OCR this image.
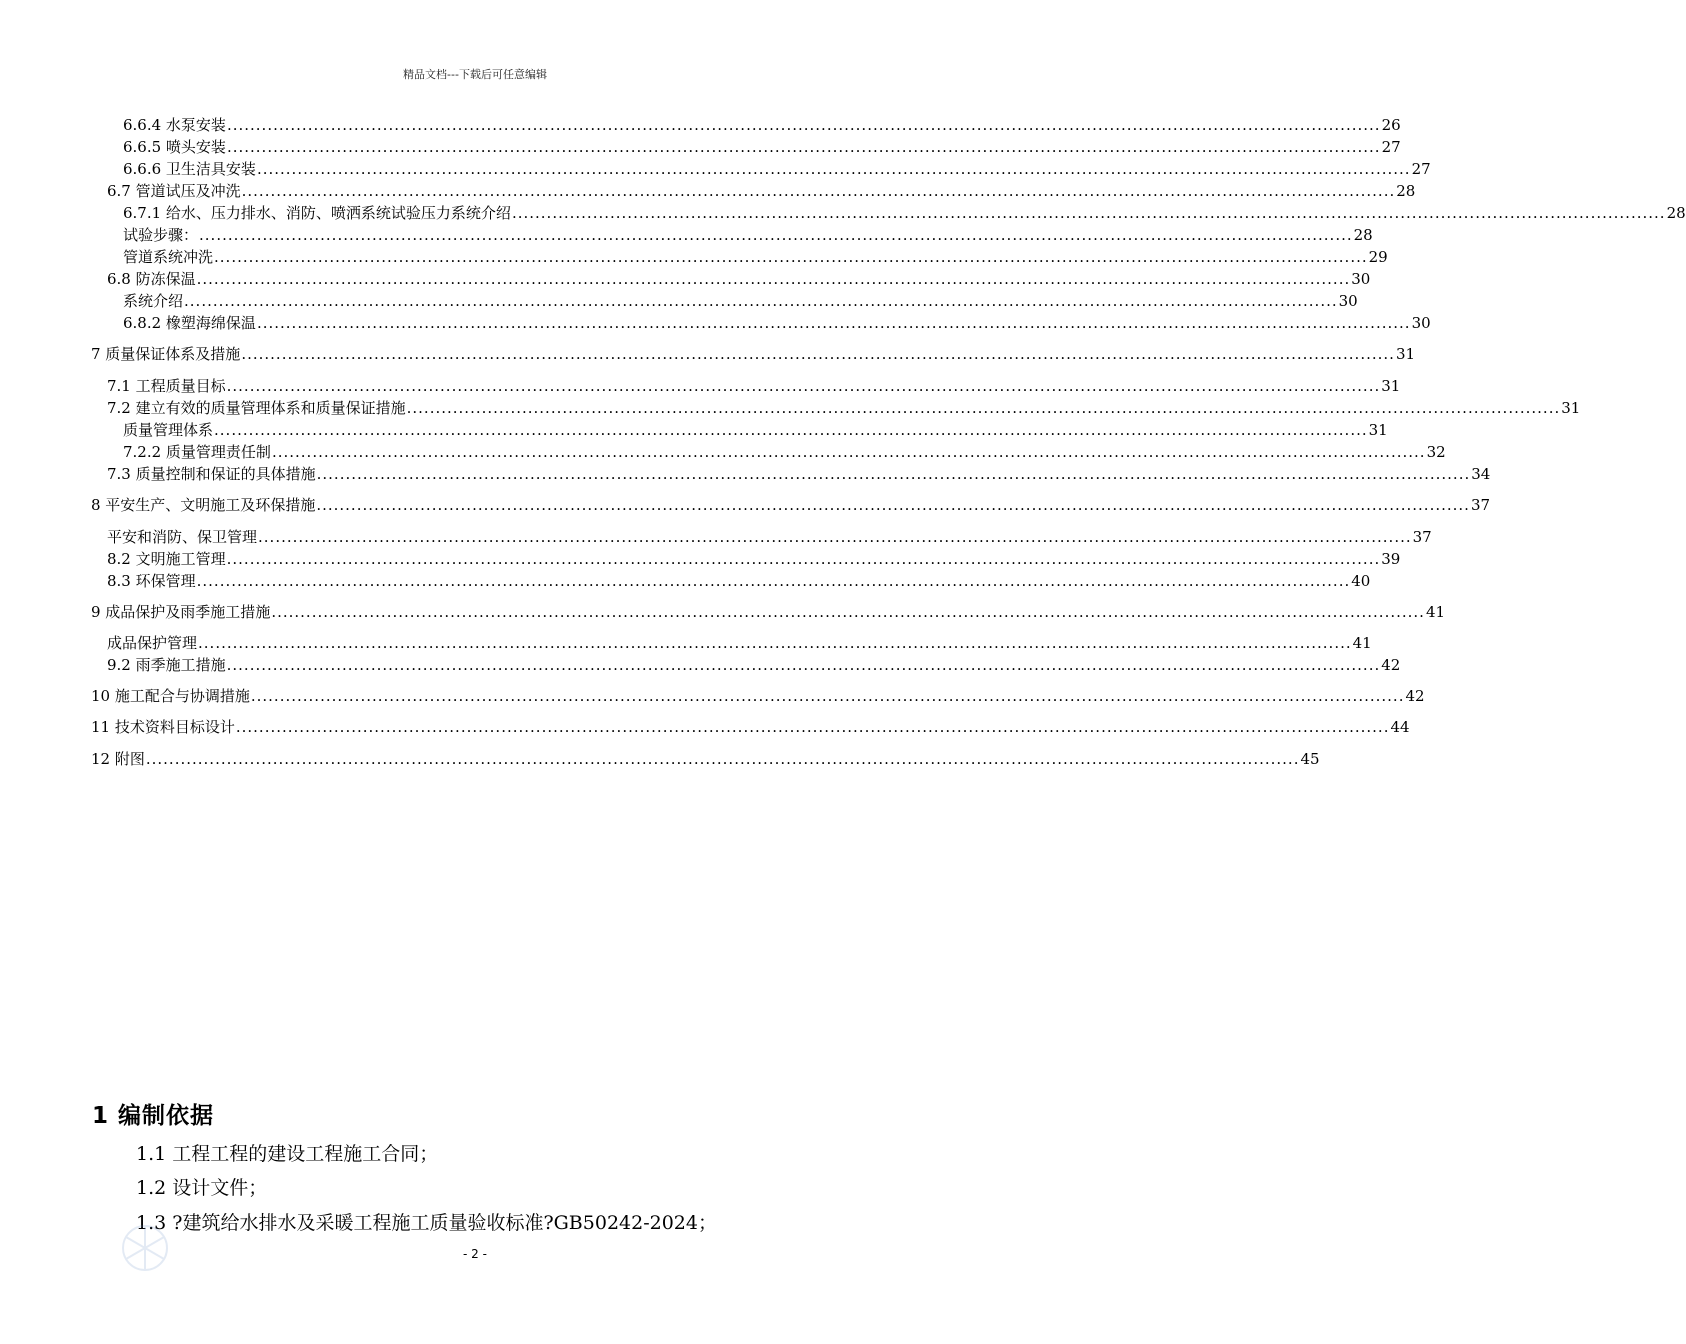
精品文档---下载后可任意编辑
6.6.4 水泵安装 ........................................................................................................................................................................................................ 26
6.6.5 喷头安装 ........................................................................................................................................................................................................ 27
6.6.6 卫生洁具安装 ........................................................................................................................................................................................................ 27
6.7 管道试压及冲洗 ........................................................................................................................................................................................................ 28
6.7.1 给水、压力排水、消防、喷洒系统试验压力系统介绍 ........................................................................................................................................................................................................ 28
试验步骤： ........................................................................................................................................................................................................ 28
管道系统冲洗 ........................................................................................................................................................................................................ 29
6.8 防冻保温 ........................................................................................................................................................................................................ 30
系统介绍 ........................................................................................................................................................................................................ 30
6.8.2 橡塑海绵保温 ........................................................................................................................................................................................................ 30
7 质量保证体系及措施 ........................................................................................................................................................................................................ 31
7.1 工程质量目标 ........................................................................................................................................................................................................ 31
7.2 建立有效的质量管理体系和质量保证措施 ........................................................................................................................................................................................................ 31
质量管理体系 ........................................................................................................................................................................................................ 31
7.2.2 质量管理责任制 ........................................................................................................................................................................................................ 32
7.3 质量控制和保证的具体措施 ........................................................................................................................................................................................................ 34
8 平安生产、文明施工及环保措施 ........................................................................................................................................................................................................ 37
平安和消防、保卫管理 ........................................................................................................................................................................................................ 37
8.2 文明施工管理 ........................................................................................................................................................................................................ 39
8.3 环保管理 ........................................................................................................................................................................................................ 40
9 成品保护及雨季施工措施 ........................................................................................................................................................................................................ 41
成品保护管理 ........................................................................................................................................................................................................ 41
9.2 雨季施工措施 ........................................................................................................................................................................................................ 42
10 施工配合与协调措施 ........................................................................................................................................................................................................ 42
11 技术资料目标设计 ........................................................................................................................................................................................................ 44
12 附图 ........................................................................................................................................................................................................ 45
1 编制依据
1.1 工程工程的建设工程施工合同；
1.2 设计文件；
1.3 ?建筑给水排水及采暖工程施工质量验收标准?GB50242-2024；
- 2 -
